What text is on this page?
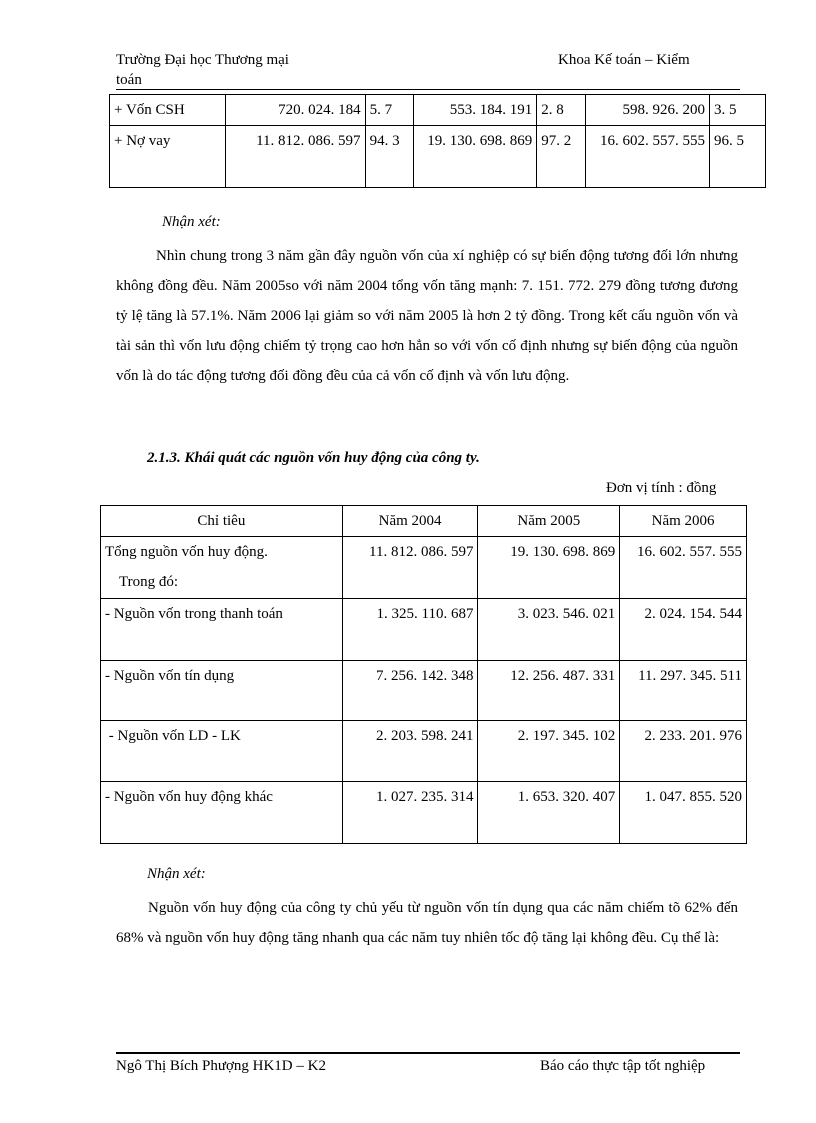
Trường Đại học Thương mại
toán
Khoa Kế toán – Kiểm
+ Vốn CSH	720. 024. 184	5. 7	553. 184. 191	2. 8	598. 926. 200	3. 5
+ Nợ vay	11. 812. 086. 597	94. 3	19. 130. 698. 869	97. 2	16. 602. 557. 555	96. 5
Nhận xét:
Nhìn chung trong 3 năm gần đây nguồn vốn của xí nghiệp có sự biến động tương đối lớn nhưng không đồng đều. Năm 2005so với năm 2004 tổng vốn tăng mạnh: 7. 151. 772. 279 đồng tương đương tỷ lệ tăng là 57.1%. Năm 2006 lại giảm so với năm 2005 là hơn 2 tỷ đồng. Trong kết cấu nguồn vốn và tài sản thì vốn lưu động chiếm tỷ trọng cao hơn hẳn so với vốn cố định nhưng sự biến động của nguồn vốn là do tác động tương đối đồng đều của cả vốn cố định và vốn lưu động.
2.1.3. Khái quát các nguồn vốn huy động của công ty.
Đơn vị tính : đồng
Chỉ tiêu	Năm 2004	Năm 2005	Năm 2006

Tổng nguồn vốn huy động.
Trong đó:	11. 812. 086. 597	19. 130. 698. 869	16. 602. 557. 555
- Nguồn vốn trong thanh toán	1. 325. 110. 687	3. 023. 546. 021	2. 024. 154. 544
- Nguồn vốn tín dụng	7. 256. 142. 348	12. 256. 487. 331	11. 297. 345. 511
- Nguồn vốn LD - LK	2. 203. 598. 241	2. 197. 345. 102	2. 233. 201. 976
- Nguồn vốn huy động khác	1. 027. 235. 314	1. 653. 320. 407	1. 047. 855. 520
Nhận xét:
Nguồn vốn huy động của công ty chủ yếu từ nguồn vốn tín dụng qua các năm chiếm tõ 62% đến 68% và nguồn vốn huy động tăng nhanh qua các năm tuy nhiên tốc độ tăng lại không đều. Cụ thể là:
Ngô Thị Bích Phượng HK1D – K2	Báo cáo thực tập tốt nghiệp
